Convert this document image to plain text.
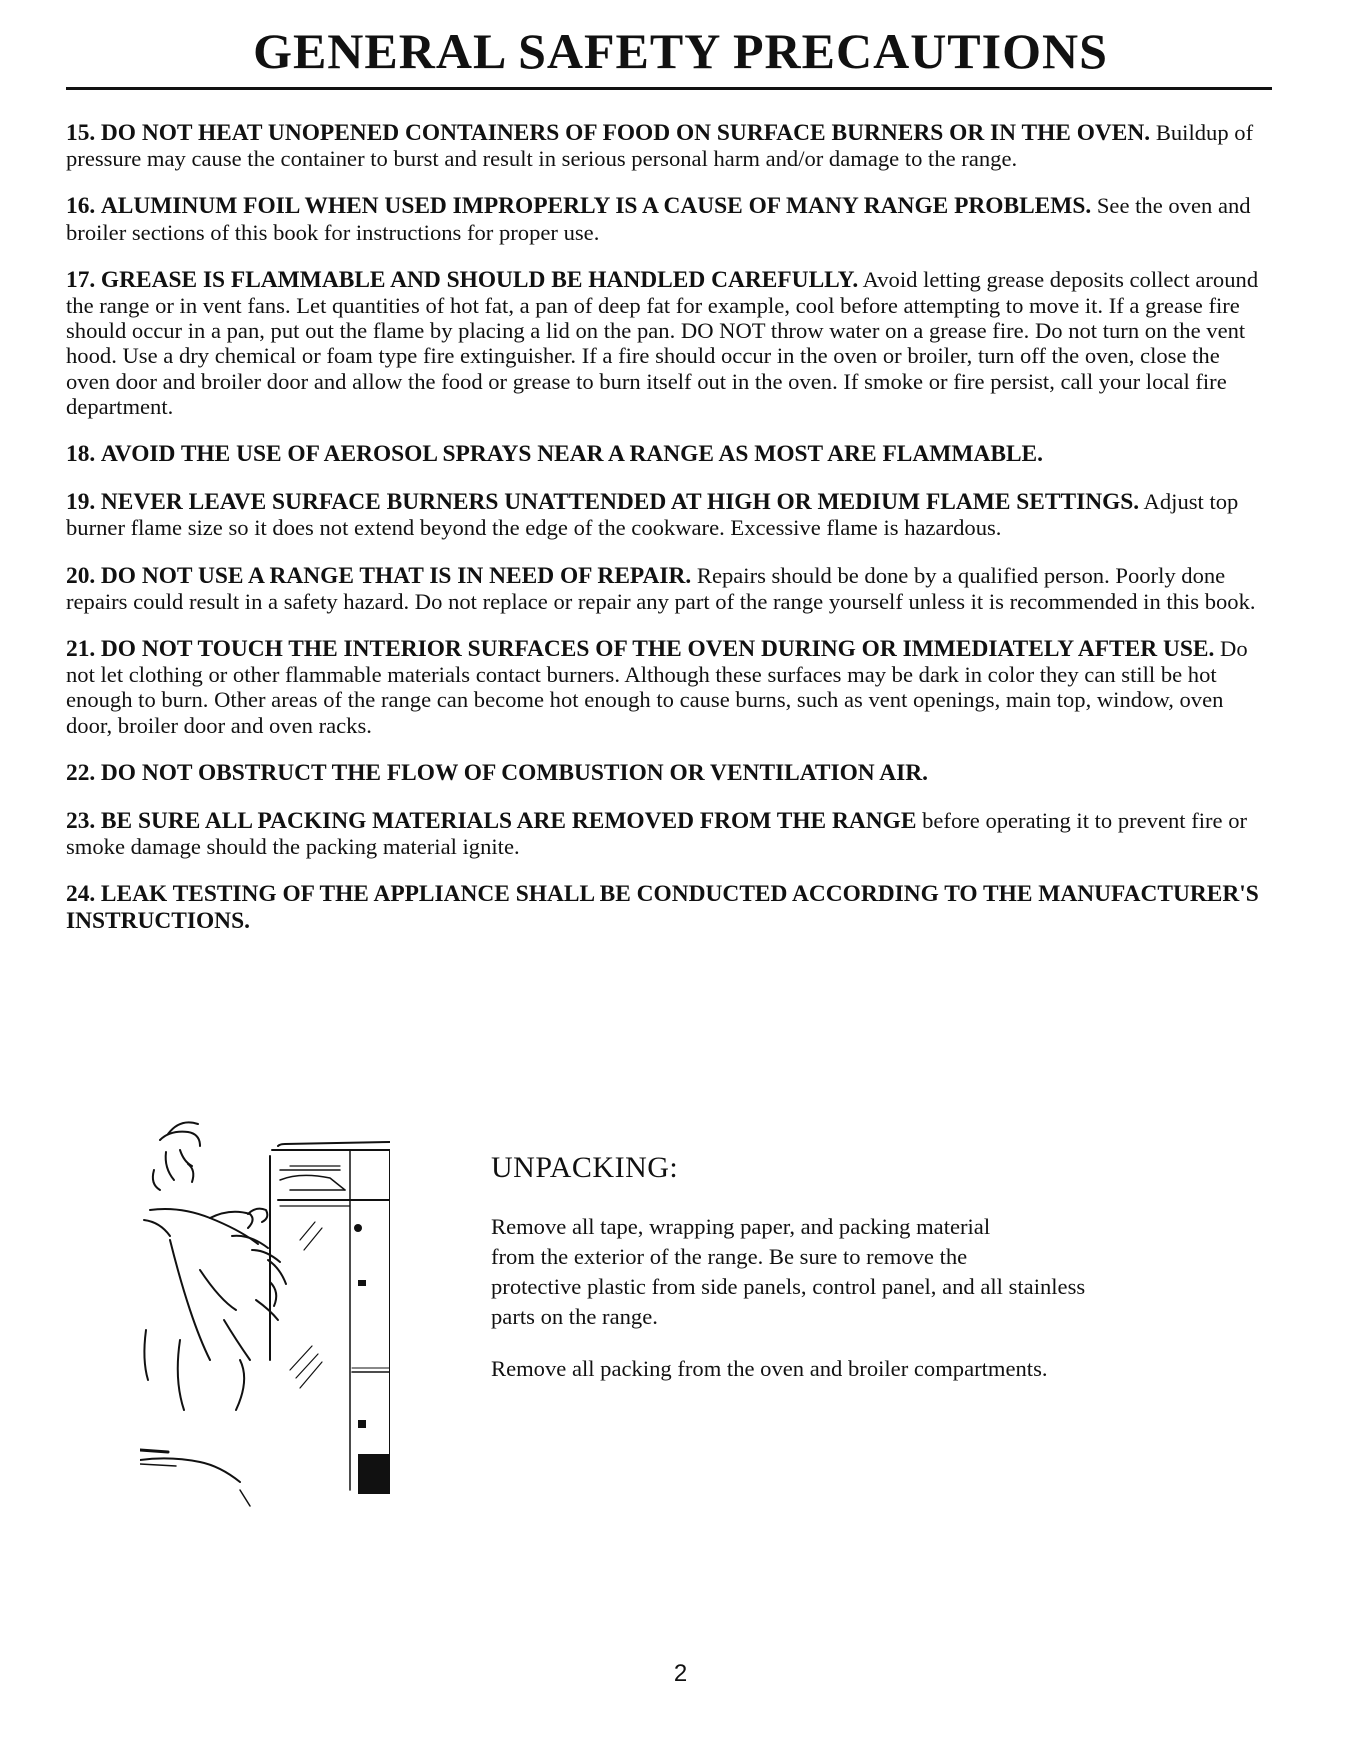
GENERAL SAFETY PRECAUTIONS

15. DO NOT HEAT UNOPENED CONTAINERS OF FOOD ON SURFACE BURNERS OR IN THE OVEN. Buildup of pressure may cause the container to burst and result in serious personal harm and/or damage to the range.

16. ALUMINUM FOIL WHEN USED IMPROPERLY IS A CAUSE OF MANY RANGE PROBLEMS. See the oven and broiler sections of this book for instructions for proper use.

17. GREASE IS FLAMMABLE AND SHOULD BE HANDLED CAREFULLY. Avoid letting grease deposits collect around the range or in vent fans. Let quantities of hot fat, a pan of deep fat for example, cool before attempting to move it. If a grease fire should occur in a pan, put out the flame by placing a lid on the pan. DO NOT throw water on a grease fire. Do not turn on the vent hood. Use a dry chemical or foam type fire extinguisher. If a fire should occur in the oven or broiler, turn off the oven, close the oven door and broiler door and allow the food or grease to burn itself out in the oven. If smoke or fire persist, call your local fire department.

18. AVOID THE USE OF AEROSOL SPRAYS NEAR A RANGE AS MOST ARE FLAMMABLE.

19. NEVER LEAVE SURFACE BURNERS UNATTENDED AT HIGH OR MEDIUM FLAME SETTINGS. Adjust top burner flame size so it does not extend beyond the edge of the cookware. Excessive flame is hazardous.

20. DO NOT USE A RANGE THAT IS IN NEED OF REPAIR. Repairs should be done by a qualified person. Poorly done repairs could result in a safety hazard. Do not replace or repair any part of the range yourself unless it is recommended in this book.

21. DO NOT TOUCH THE INTERIOR SURFACES OF THE OVEN DURING OR IMMEDIATELY AFTER USE. Do not let clothing or other flammable materials contact burners. Although these surfaces may be dark in color they can still be hot enough to burn. Other areas of the range can become hot enough to cause burns, such as vent openings, main top, window, oven door, broiler door and oven racks.

22. DO NOT OBSTRUCT THE FLOW OF COMBUSTION OR VENTILATION AIR.

23. BE SURE ALL PACKING MATERIALS ARE REMOVED FROM THE RANGE before operating it to prevent fire or smoke damage should the packing material ignite.

24. LEAK TESTING OF THE APPLIANCE SHALL BE CONDUCTED ACCORDING TO THE MANUFACTURER'S INSTRUCTIONS.

UNPACKING:

Remove all tape, wrapping paper, and packing material
from the exterior of the range. Be sure to remove the
protective plastic from side panels, control panel, and all stainless
parts on the range.

Remove all packing from the oven and broiler compartments.

2
